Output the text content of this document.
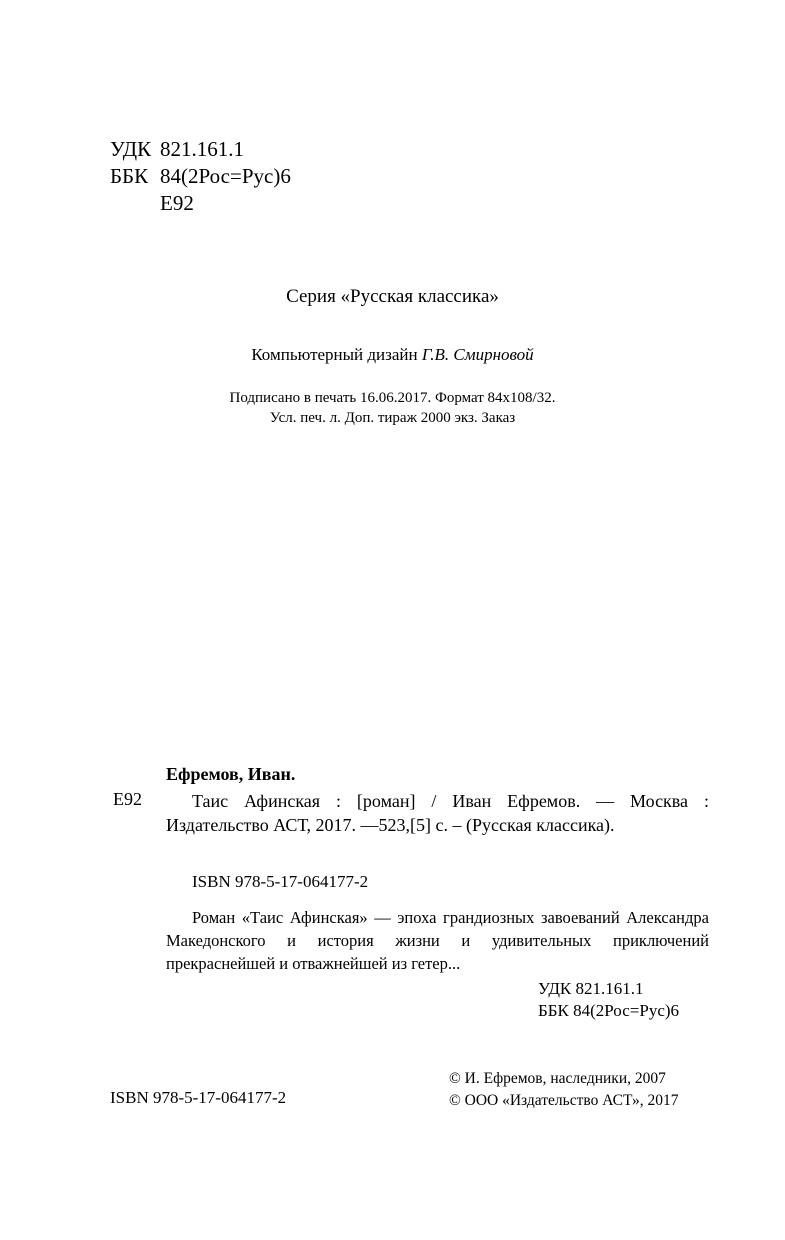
УДК 821.161.1
ББК 84(2Рос=Рус)6
Е92
Серия «Русская классика»
Компьютерный дизайн Г.В. Смирновой
Подписано в печать 16.06.2017. Формат 84x108/32.
Усл. печ. л. Доп. тираж 2000 экз. Заказ
Ефремов, Иван.
Е92	Таис Афинская : [роман] / Иван Ефремов. — Москва : Издательство АСТ, 2017. —523,[5] с. – (Русская классика).
ISBN 978-5-17-064177-2
Роман «Таис Афинская» — эпоха грандиозных завоеваний Александра Македонского и история жизни и удивительных приключений прекраснейшей и отважнейшей из гетер...
УДК 821.161.1
ББК 84(2Рос=Рус)6
© И. Ефремов, наследники, 2007
© ООО «Издательство АСТ», 2017
ISBN 978-5-17-064177-2
